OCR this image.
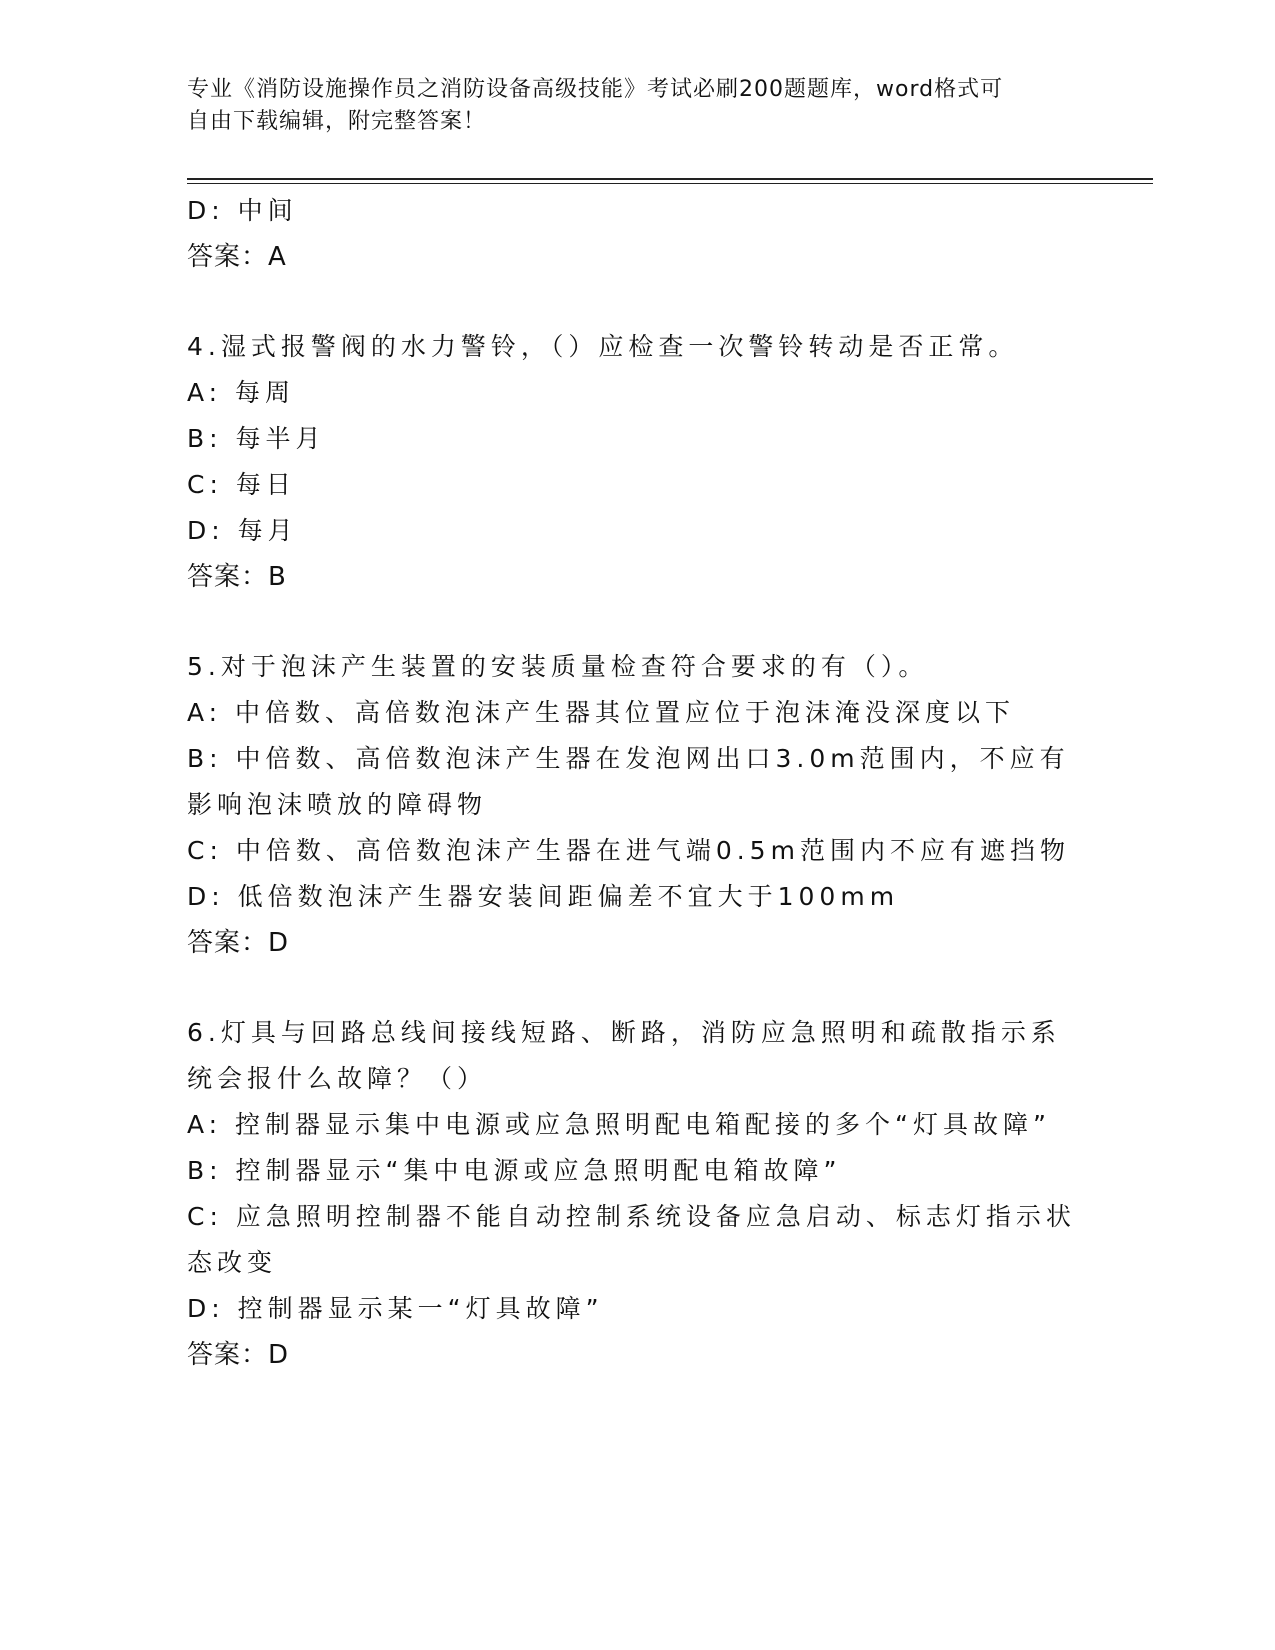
专业《消防设施操作员之消防设备高级技能》考试必刷200题题库，word格式可
自由下载编辑，附完整答案！
D: 中间
答案：A
4.湿式报警阀的水力警铃，（）应检查一次警铃转动是否正常。
A: 每周
B: 每半月
C: 每日
D: 每月
答案：B
5.对于泡沫产生装置的安装质量检查符合要求的有（）。
A: 中倍数、高倍数泡沫产生器其位置应位于泡沫淹没深度以下
B: 中倍数、高倍数泡沫产生器在发泡网出口3.0m范围内，不应有影响泡沫喷放的障碍物
C: 中倍数、高倍数泡沫产生器在进气端0.5m范围内不应有遮挡物
D: 低倍数泡沫产生器安装间距偏差不宜大于100mm
答案：D
6.灯具与回路总线间接线短路、断路，消防应急照明和疏散指示系统会报什么故障？（）
A: 控制器显示集中电源或应急照明配电箱配接的多个“灯具故障”
B: 控制器显示“集中电源或应急照明配电箱故障”
C: 应急照明控制器不能自动控制系统设备应急启动、标志灯指示状态改变
D: 控制器显示某一“灯具故障”
答案：D
